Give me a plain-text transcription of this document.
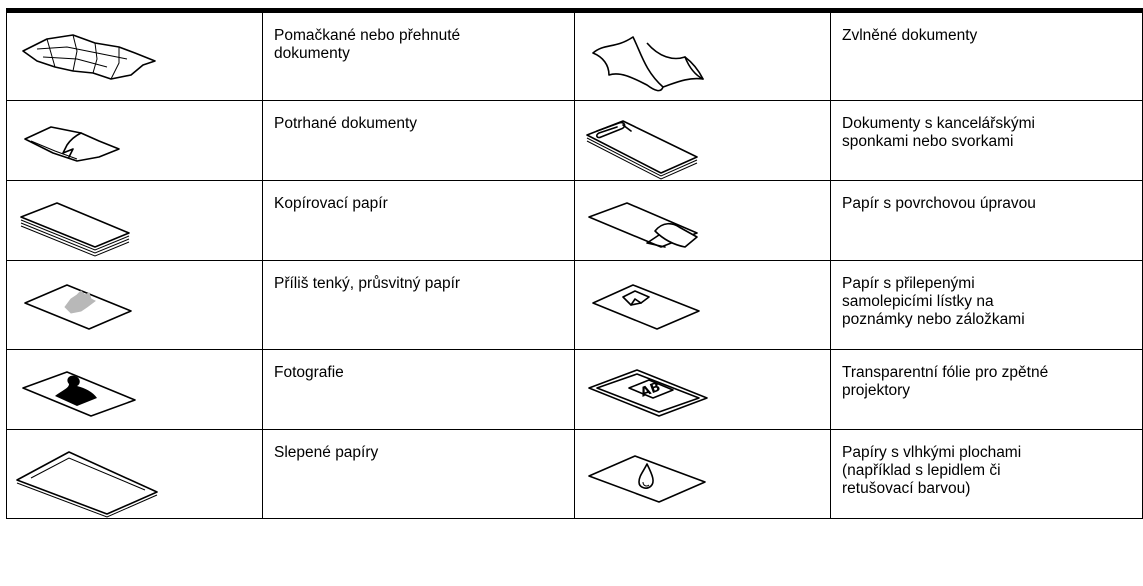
Pomačkané nebo přehnuté
dokumenty		Zvlněné dokumenty

Potrhané dokumenty		Dokumenty s kancelářskými
sponkami nebo svorkami

Kopírovací papír		Papír s povrchovou úpravou

Příliš tenký, průsvitný papír		Papír s přilepenými
samolepicími lístky na
poznámky nebo záložkami

Fotografie	AB	Transparentní fólie pro zpětné
projektory

Slepené papíry		Papíry s vlhkými plochami
(například s lepidlem či
retušovací barvou)
